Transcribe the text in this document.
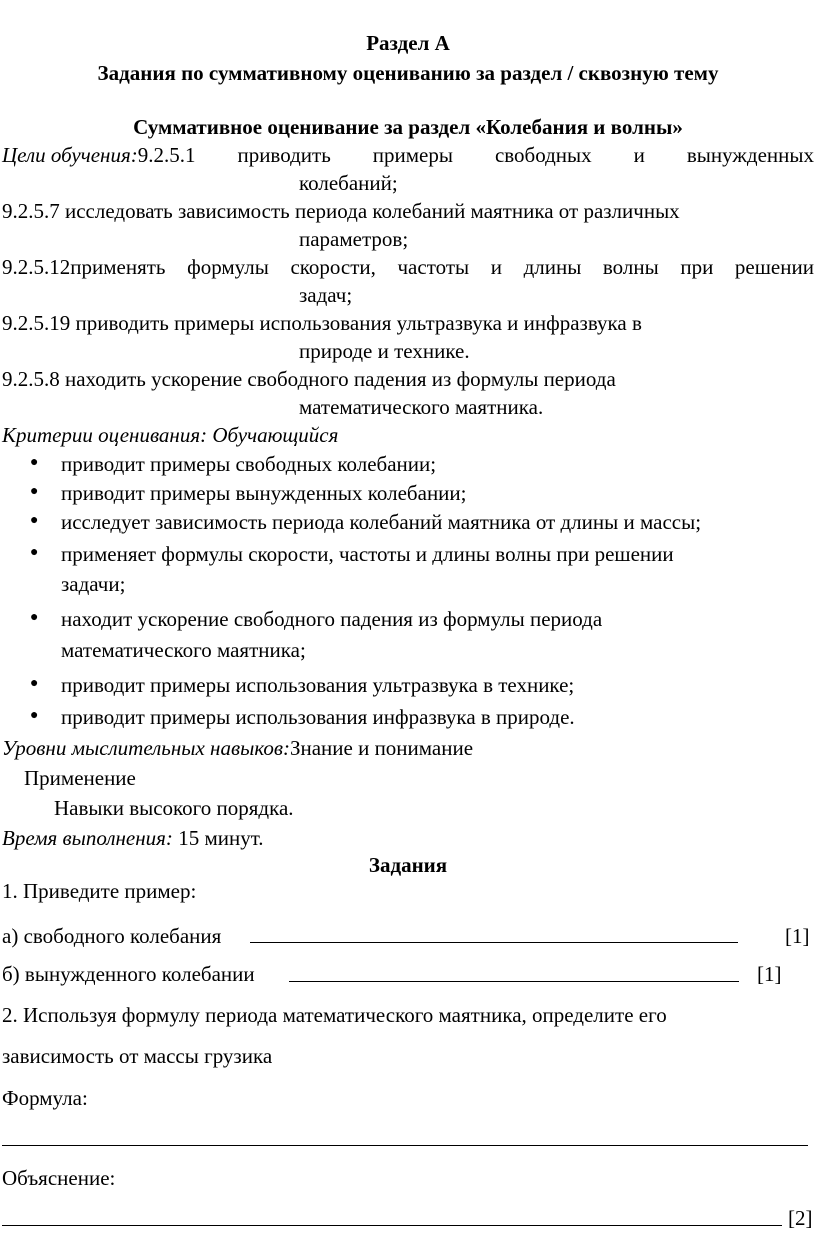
Раздел А
Задания по суммативному оцениванию за раздел / сквозную тему
Суммативное оценивание за раздел «Колебания и волны»
Цели обучения:9.2.5.1 приводить примеры свободных и вынужденных
колебаний;
9.2.5.7 исследовать зависимость периода колебаний маятника от различных
параметров;
9.2.5.12применять формулы скорости, частоты и длины волны при решении
задач;
9.2.5.19 приводить примеры использования ультразвука и инфразвука в
природе и технике.
9.2.5.8 находить ускорение свободного падения из формулы периода
математического маятника.
Критерии оценивания: Обучающийся
● приводит примеры свободных колебании;
● приводит примеры вынужденных колебании;
● исследует зависимость периода колебаний маятника от длины и массы;
● применяет формулы скорости, частоты и длины волны при решении
задачи;
● находит ускорение свободного падения из формулы периода
математического маятника;
● приводит примеры использования ультразвука в технике;
● приводит примеры использования инфразвука в природе.
Уровни мыслительных навыков:Знание и понимание
Применение
Навыки высокого порядка.
Время выполнения: 15 минут.
Задания
1. Приведите пример:
а) свободного колебания	[1]
б) вынужденного колебании	[1]
2. Используя формулу периода математического маятника, определите его
зависимость от массы грузика
Формула:
Объяснение:
[2]
